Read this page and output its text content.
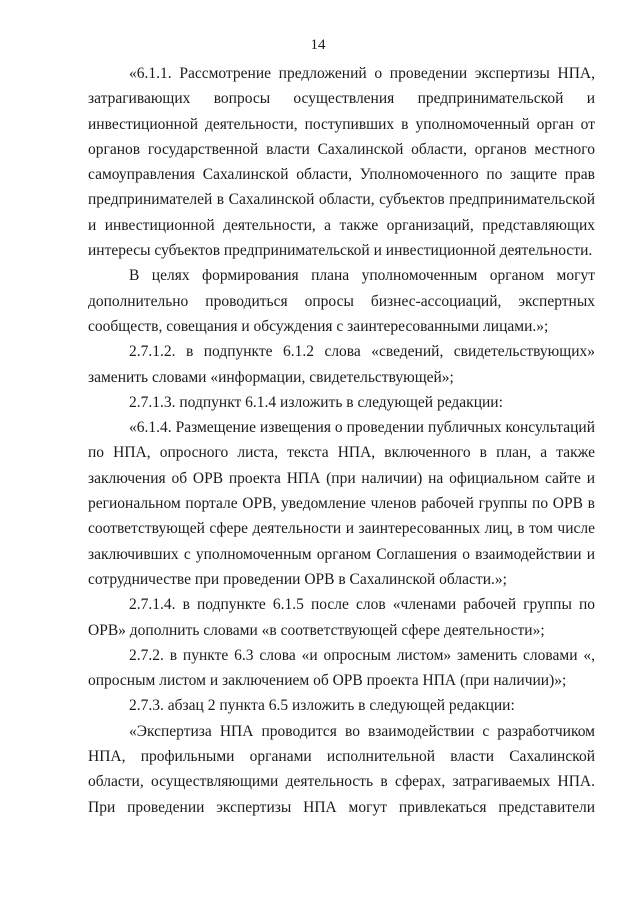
14

«6.1.1. Рассмотрение предложений о проведении экспертизы НПА, затрагивающих вопросы осуществления предпринимательской и инвестиционной деятельности, поступивших в уполномоченный орган от органов государственной власти Сахалинской области, органов местного самоуправления Сахалинской области, Уполномоченного по защите прав предпринимателей в Сахалинской области, субъектов предпринимательской и инвестиционной деятельности, а также организаций, представляющих интересы субъектов предпринимательской и инвестиционной деятельности.

В целях формирования плана уполномоченным органом могут дополнительно проводиться опросы бизнес-ассоциаций, экспертных сообществ, совещания и обсуждения с заинтересованными лицами.»;

2.7.1.2. в подпункте 6.1.2 слова «сведений, свидетельствующих» заменить словами «информации, свидетельствующей»;

2.7.1.3. подпункт 6.1.4 изложить в следующей редакции:

«6.1.4. Размещение извещения о проведении публичных консультаций по НПА, опросного листа, текста НПА, включенного в план, а также заключения об ОРВ проекта НПА (при наличии) на официальном сайте и региональном портале ОРВ, уведомление членов рабочей группы по ОРВ в соответствующей сфере деятельности и заинтересованных лиц, в том числе заключивших с уполномоченным органом Соглашения о взаимодействии и сотрудничестве при проведении ОРВ в Сахалинской области.»;

2.7.1.4. в подпункте 6.1.5 после слов «членами рабочей группы по ОРВ» дополнить словами «в соответствующей сфере деятельности»;

2.7.2. в пункте 6.3 слова «и опросным листом» заменить словами «, опросным листом и заключением об ОРВ проекта НПА (при наличии)»;

2.7.3. абзац 2 пункта 6.5 изложить в следующей редакции:

«Экспертиза НПА проводится во взаимодействии с разработчиком НПА, профильными органами исполнительной власти Сахалинской области, осуществляющими деятельность в сферах, затрагиваемых НПА. При проведении экспертизы НПА могут привлекаться представители
